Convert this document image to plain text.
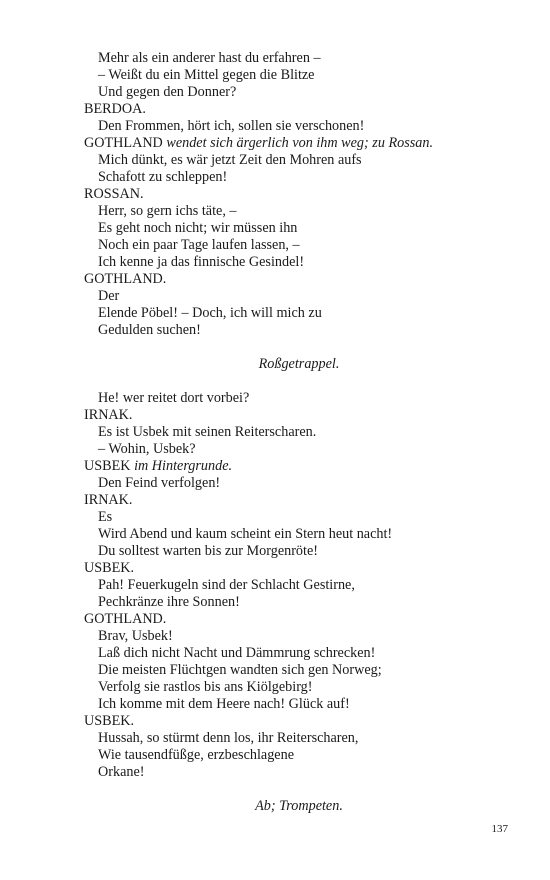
Mehr als ein anderer hast du erfahren –
– Weißt du ein Mittel gegen die Blitze
Und gegen den Donner?
BERDOA.
Den Frommen, hört ich, sollen sie verschonen!
GOTHLAND wendet sich ärgerlich von ihm weg; zu Rossan.
Mich dünkt, es wär jetzt Zeit den Mohren aufs
Schafott zu schleppen!
ROSSAN.
Herr, so gern ichs täte, –
Es geht noch nicht; wir müssen ihn
Noch ein paar Tage laufen lassen, –
Ich kenne ja das finnische Gesindel!
GOTHLAND.
Der
Elende Pöbel! – Doch, ich will mich zu
Gedulden suchen!
Roßgetrappel.
He! wer reitet dort vorbei?
IRNAK.
Es ist Usbek mit seinen Reiterscharen.
– Wohin, Usbek?
USBEK im Hintergrunde.
Den Feind verfolgen!
IRNAK.
Es
Wird Abend und kaum scheint ein Stern heut nacht!
Du solltest warten bis zur Morgenröte!
USBEK.
Pah! Feuerkugeln sind der Schlacht Gestirne,
Pechkränze ihre Sonnen!
GOTHLAND.
Brav, Usbek!
Laß dich nicht Nacht und Dämmrung schrecken!
Die meisten Flüchtgen wandten sich gen Norweg;
Verfolg sie rastlos bis ans Kiölgebirg!
Ich komme mit dem Heere nach! Glück auf!
USBEK.
Hussah, so stürmt denn los, ihr Reiterscharen,
Wie tausendfüßge, erzbeschlagene
Orkane!
Ab; Trompeten.
137
